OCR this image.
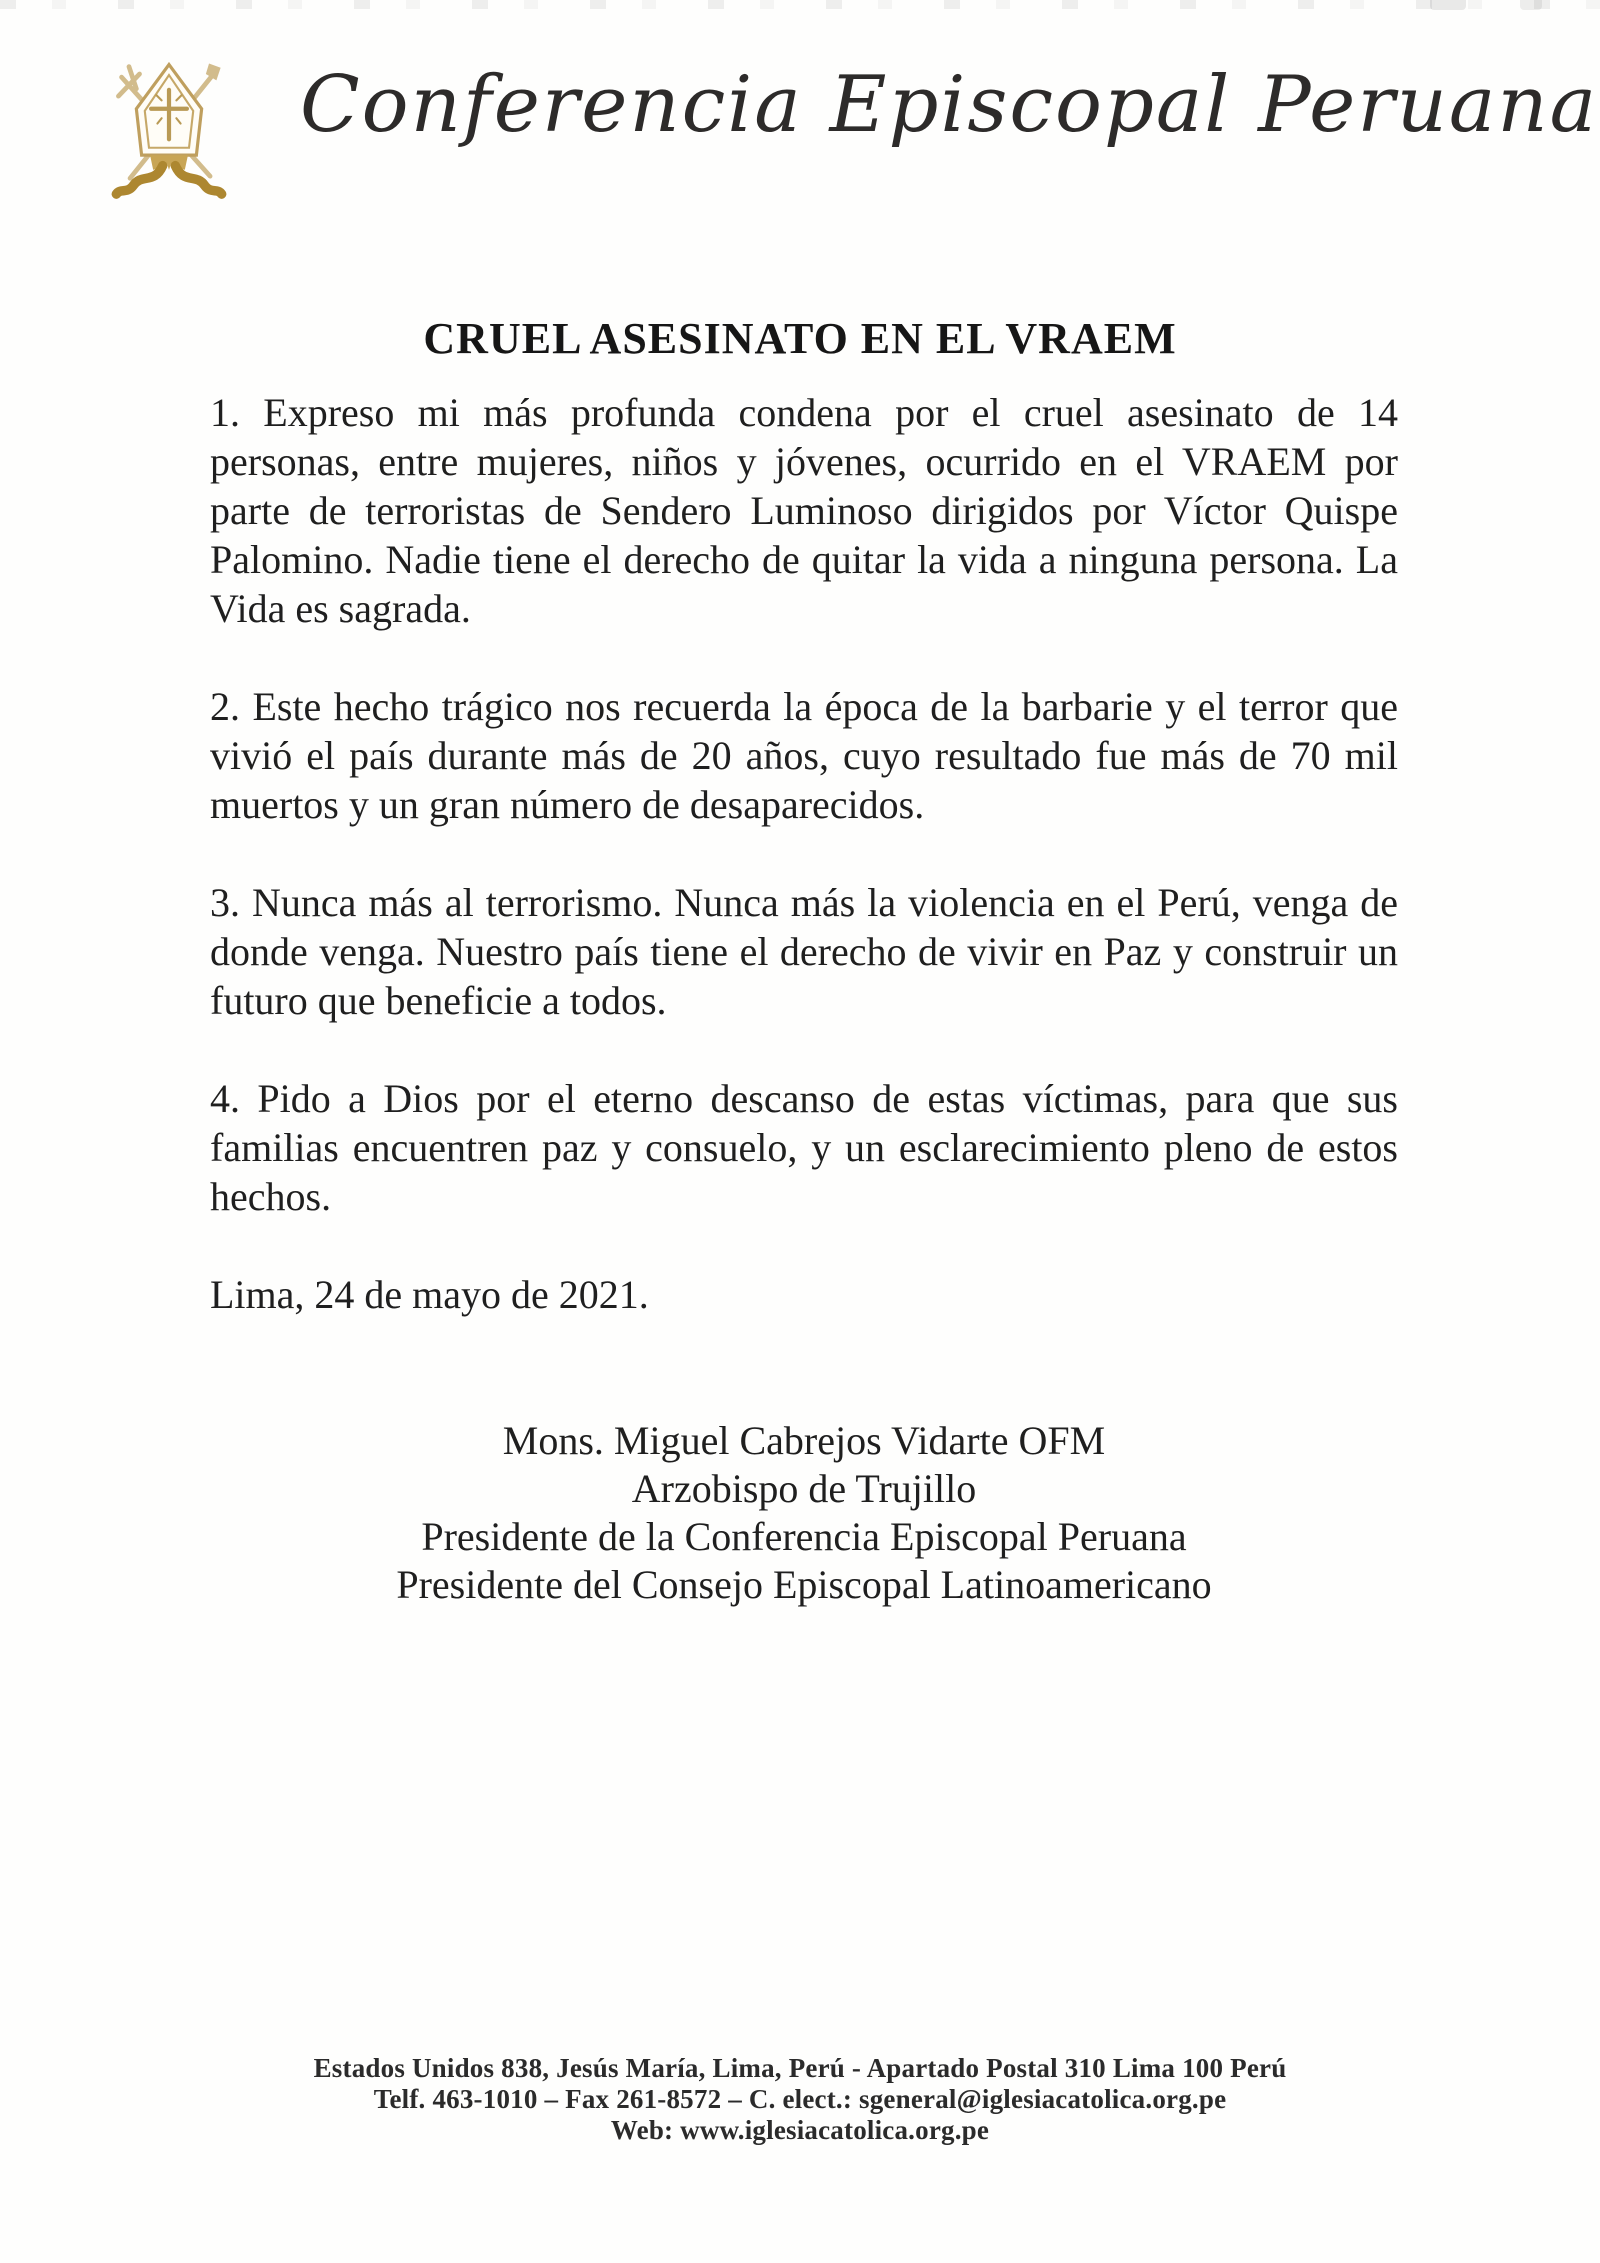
Conferencia Episcopal Peruana
CRUEL ASESINATO EN EL VRAEM

1. Expreso mi más profunda condena por el cruel asesinato de 14 personas, entre mujeres, niños y jóvenes, ocurrido en el VRAEM por parte de terroristas de Sendero Luminoso dirigidos por Víctor Quispe Palomino. Nadie tiene el derecho de quitar la vida a ninguna persona. La Vida es sagrada.

2. Este hecho trágico nos recuerda la época de la barbarie y el terror que vivió el país durante más de 20 años, cuyo resultado fue más de 70 mil muertos y un gran número de desaparecidos.

3. Nunca más al terrorismo. Nunca más la violencia en el Perú, venga de donde venga. Nuestro país tiene el derecho de vivir en Paz y construir un futuro que beneficie a todos.

4. Pido a Dios por el eterno descanso de estas víctimas, para que sus familias encuentren paz y consuelo, y un esclarecimiento pleno de estos hechos.

Lima, 24 de mayo de 2021.

Mons. Miguel Cabrejos Vidarte OFM
Arzobispo de Trujillo
Presidente de la Conferencia Episcopal Peruana
Presidente del Consejo Episcopal Latinoamericano
Estados Unidos 838, Jesús María, Lima, Perú - Apartado Postal 310 Lima 100 Perú
Telf. 463-1010 – Fax 261-8572 – C. elect.: sgeneral@iglesiacatolica.org.pe
Web: www.iglesiacatolica.org.pe
